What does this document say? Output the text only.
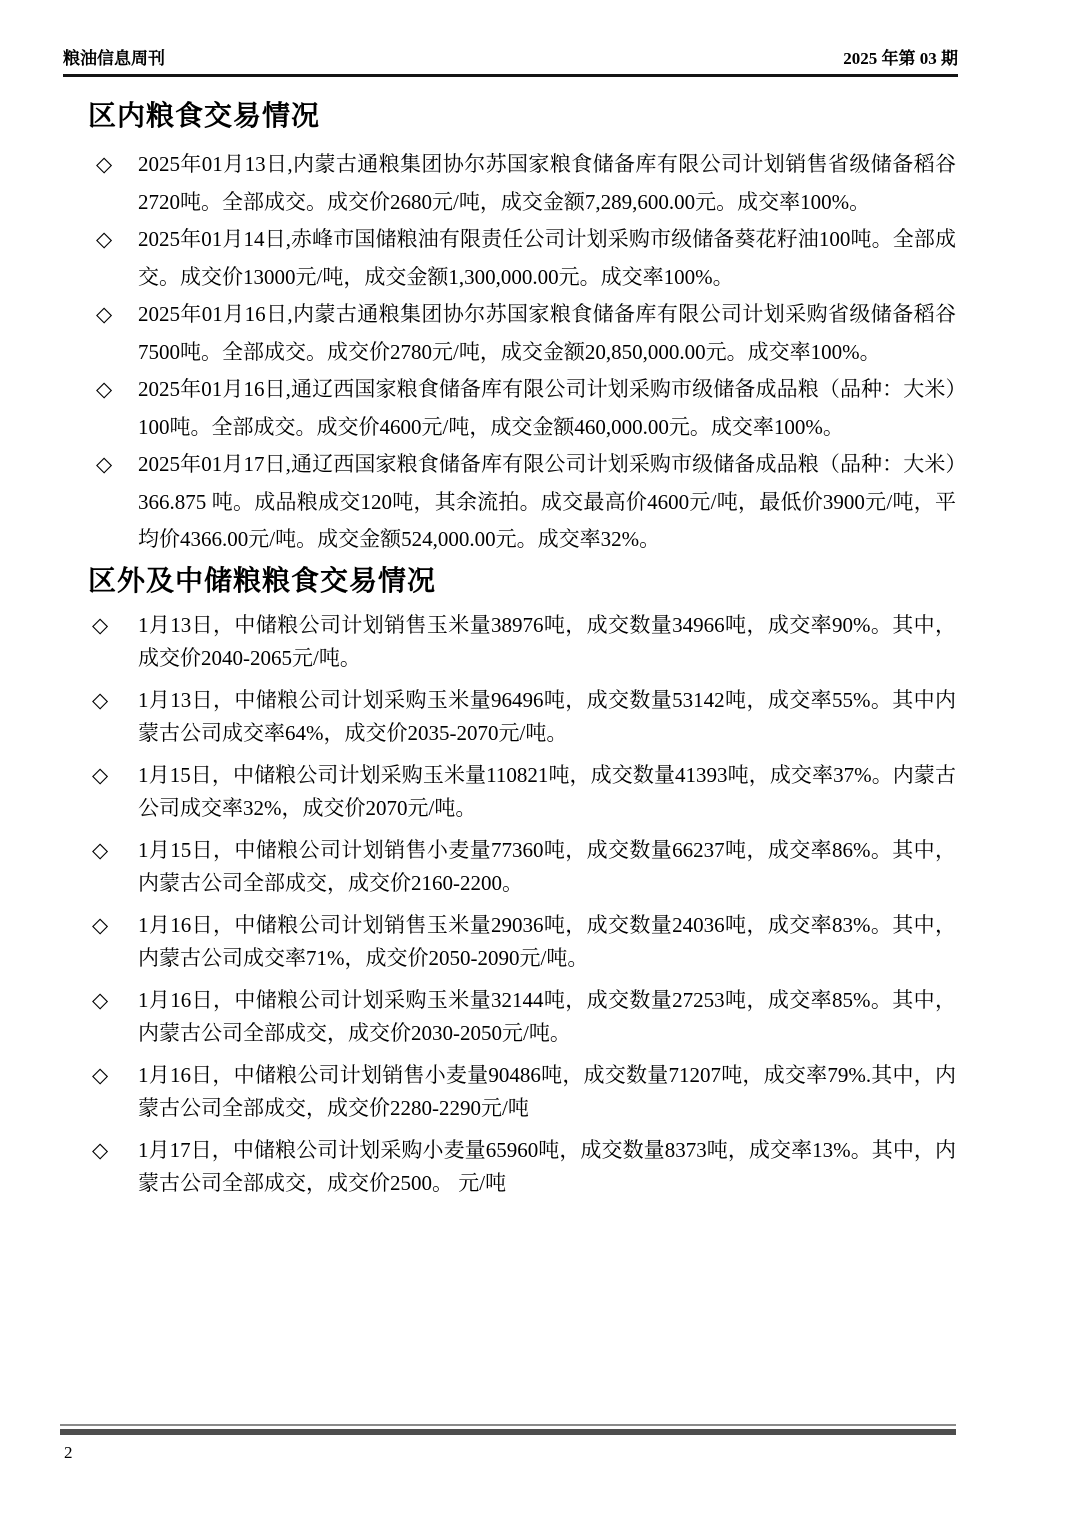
粮油信息周刊	2025 年第 03 期
区内粮食交易情况
◇	2025年01月13日,内蒙古通粮集团协尔苏国家粮食储备库有限公司计划销售省级储备稻谷2720吨。全部成交。成交价2680元/吨，成交金额7,289,600.00元。成交率100%。
◇	2025年01月14日,赤峰市国储粮油有限责任公司计划采购市级储备葵花籽油100吨。全部成交。成交价13000元/吨，成交金额1,300,000.00元。成交率100%。
◇	2025年01月16日,内蒙古通粮集团协尔苏国家粮食储备库有限公司计划采购省级储备稻谷7500吨。全部成交。成交价2780元/吨，成交金额20,850,000.00元。成交率100%。
◇	2025年01月16日,通辽西国家粮食储备库有限公司计划采购市级储备成品粮（品种：大米）100吨。全部成交。成交价4600元/吨，成交金额460,000.00元。成交率100%。
◇	2025年01月17日,通辽西国家粮食储备库有限公司计划采购市级储备成品粮（品种：大米）366.875 吨。成品粮成交120吨，其余流拍。成交最高价4600元/吨，最低价3900元/吨，平均价4366.00元/吨。成交金额524,000.00元。成交率32%。
区外及中储粮粮食交易情况
◇	1月13日，中储粮公司计划销售玉米量38976吨，成交数量34966吨，成交率90%。其中，成交价2040-2065元/吨。
◇	1月13日，中储粮公司计划采购玉米量96496吨，成交数量53142吨，成交率55%。其中内蒙古公司成交率64%，成交价2035-2070元/吨。
◇	1月15日，中储粮公司计划采购玉米量110821吨，成交数量41393吨，成交率37%。内蒙古公司成交率32%，成交价2070元/吨。
◇	1月15日，中储粮公司计划销售小麦量77360吨，成交数量66237吨，成交率86%。其中，内蒙古公司全部成交，成交价2160-2200。
◇	1月16日，中储粮公司计划销售玉米量29036吨，成交数量24036吨，成交率83%。其中，内蒙古公司成交率71%，成交价2050-2090元/吨。
◇	1月16日，中储粮公司计划采购玉米量32144吨，成交数量27253吨，成交率85%。其中，内蒙古公司全部成交，成交价2030-2050元/吨。
◇	1月16日，中储粮公司计划销售小麦量90486吨，成交数量71207吨，成交率79%.其中，内蒙古公司全部成交，成交价2280-2290元/吨
◇	1月17日，中储粮公司计划采购小麦量65960吨，成交数量8373吨，成交率13%。其中，内蒙古公司全部成交，成交价2500。 元/吨
2
